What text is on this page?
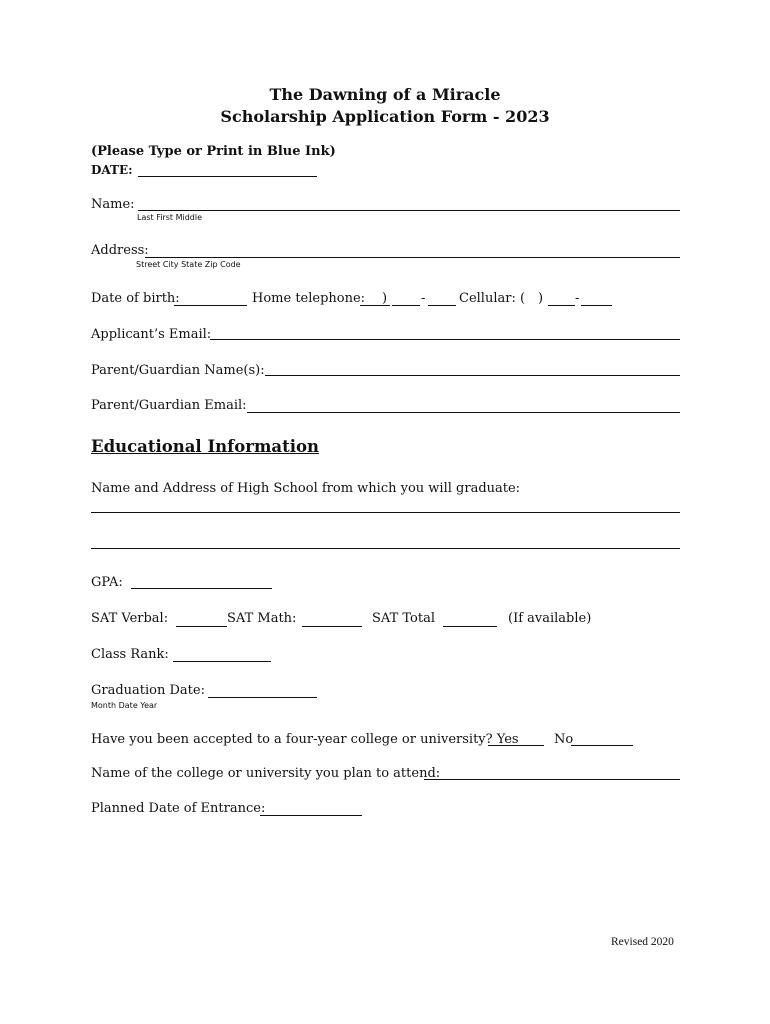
The Dawning of a Miracle
Scholarship Application Form - 2023
(Please Type or Print in Blue Ink)
DATE:
Name:
Last First Middle
Address:
Street City State Zip Code
Date of birth:	Home telephone: )	-	Cellular: ( ) -
Applicant’s Email:
Parent/Guardian Name(s):
Parent/Guardian Email:
Educational Information
Name and Address of High School from which you will graduate:
GPA:
SAT Verbal:	SAT Math:	SAT Total	(If available)
Class Rank:
Graduation Date:
Month Date Year
Have you been accepted to a four-year college or university? Yes	No
Name of the college or university you plan to attend:
Planned Date of Entrance:
Revised 2020
